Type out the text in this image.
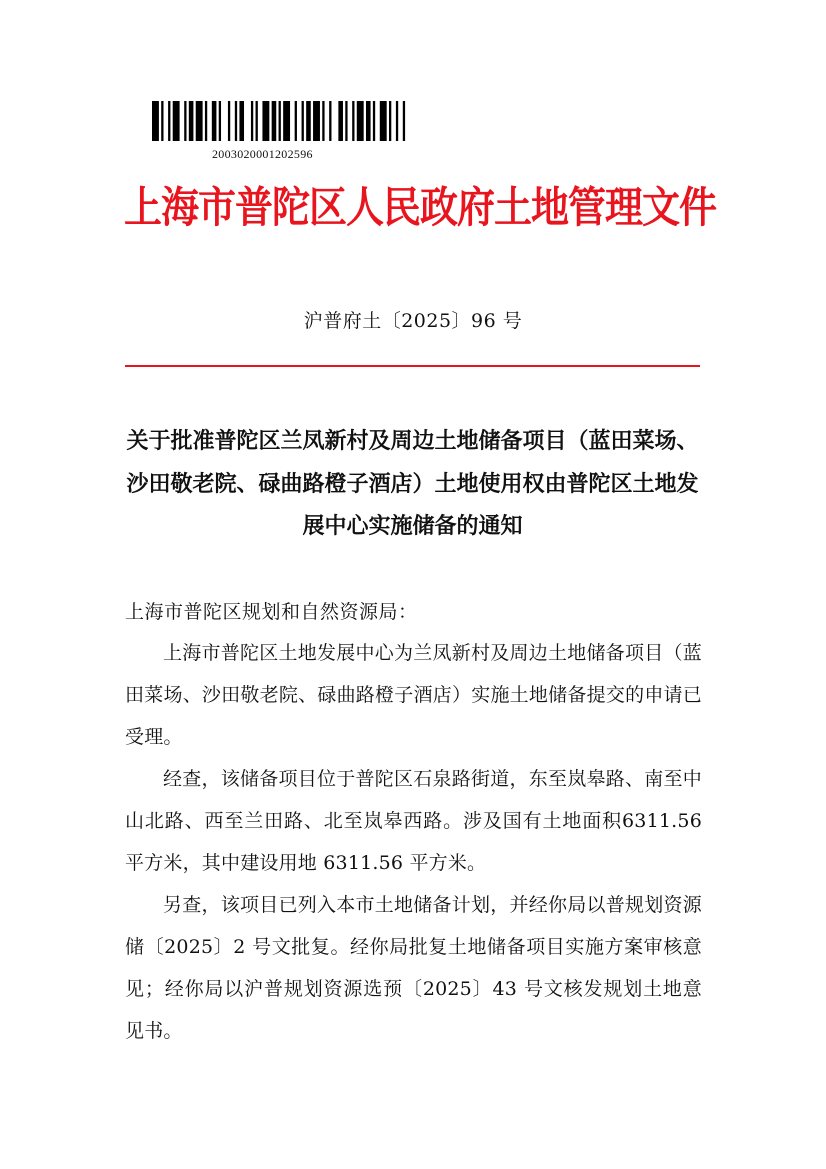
2003020001202596
上海市普陀区人民政府土地管理文件
沪普府土〔2025〕96 号
关于批准普陀区兰凤新村及周边土地储备项目（蓝田菜场、沙田敬老院、碌曲路橙子酒店）土地使用权由普陀区土地发展中心实施储备的通知
上海市普陀区规划和自然资源局：

上海市普陀区土地发展中心为兰凤新村及周边土地储备项目（蓝田菜场、沙田敬老院、碌曲路橙子酒店）实施土地储备提交的申请已受理。

经查，该储备项目位于普陀区石泉路街道，东至岚皋路、南至中山北路、西至兰田路、北至岚皋西路。涉及国有土地面积6311.56 平方米，其中建设用地 6311.56 平方米。

另查，该项目已列入本市土地储备计划，并经你局以普规划资源储〔2025〕2 号文批复。经你局批复土地储备项目实施方案审核意见；经你局以沪普规划资源选预〔2025〕43 号文核发规划土地意见书。
